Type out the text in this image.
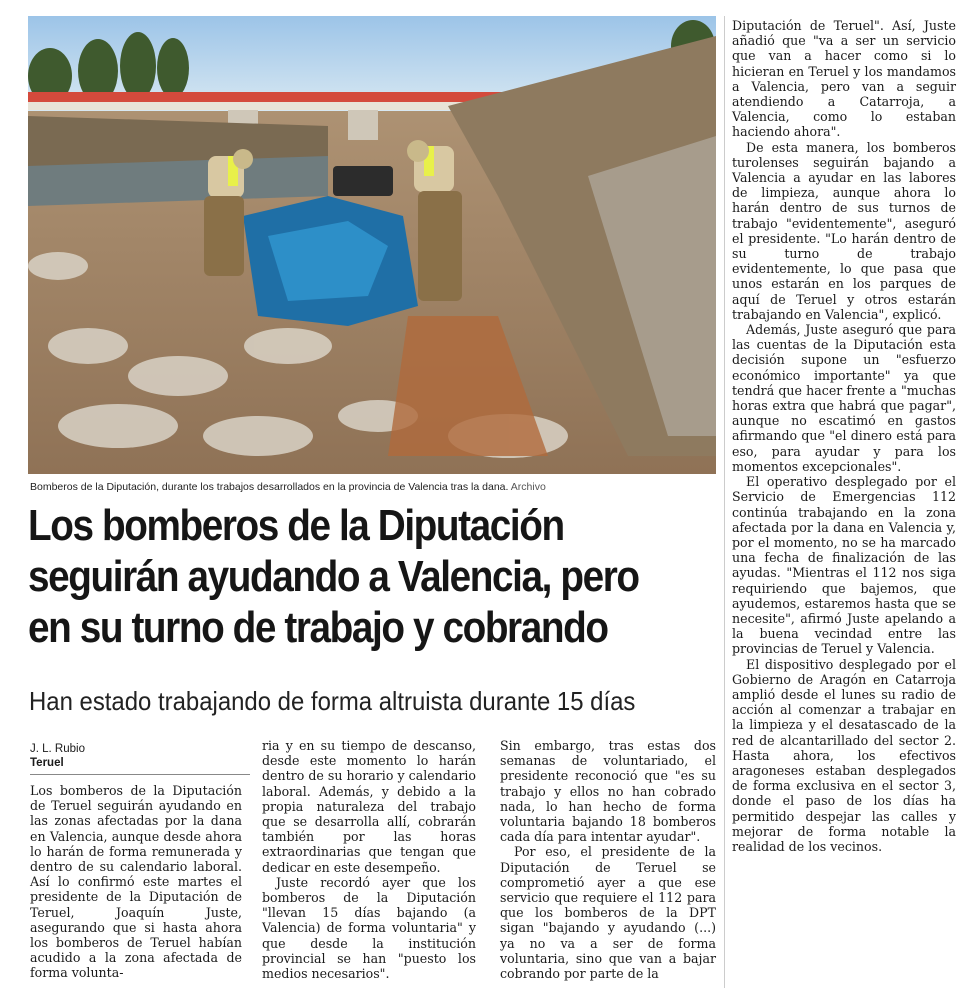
Bomberos de la Diputación, durante los trabajos desarrollados en la provincia de Valencia tras la dana. Archivo
Los bomberos de la Diputación seguirán ayudando a Valencia, pero en su turno de trabajo y cobrando
Han estado trabajando de forma altruista durante 15 días
J. L. Rubio
Teruel

Los bomberos de la Diputación de Teruel seguirán ayudando en las zonas afectadas por la dana en Valencia, aunque desde ahora lo harán de forma remunerada y dentro de su calendario laboral. Así lo confirmó este martes el presidente de la Diputación de Teruel, Joaquín Juste, asegurando que si hasta ahora los bomberos de Teruel habían acudido a la zona afectada de forma volunta-

ria y en su tiempo de descanso, desde este momento lo harán dentro de su horario y calendario laboral. Además, y debido a la propia naturaleza del trabajo que se desarrolla allí, cobrarán también por las horas extraordinarias que tengan que dedicar en este desempeño.

Juste recordó ayer que los bomberos de la Diputación "llevan 15 días bajando (a Valencia) de forma voluntaria" y que desde la institución provincial se han "puesto los medios necesarios".

Sin embargo, tras estas dos semanas de voluntariado, el presidente reconoció que "es su trabajo y ellos no han cobrado nada, lo han hecho de forma voluntaria bajando 18 bomberos cada día para intentar ayudar".

Por eso, el presidente de la Diputación de Teruel se comprometió ayer a que ese servicio que requiere el 112 para que los bomberos de la DPT sigan "bajando y ayudando (...) ya no va a ser de forma voluntaria, sino que van a bajar cobrando por parte de la

Diputación de Teruel". Así, Juste añadió que "va a ser un servicio que van a hacer como si lo hicieran en Teruel y los mandamos a Valencia, pero van a seguir atendiendo a Catarroja, a Valencia, como lo estaban haciendo ahora".

De esta manera, los bomberos turolenses seguirán bajando a Valencia a ayudar en las labores de limpieza, aunque ahora lo harán dentro de sus turnos de trabajo "evidentemente", aseguró el presidente. "Lo harán dentro de su turno de trabajo evidentemente, lo que pasa que unos estarán en los parques de aquí de Teruel y otros estarán trabajando en Valencia", explicó.

Además, Juste aseguró que para las cuentas de la Diputación esta decisión supone un "esfuerzo económico importante" ya que tendrá que hacer frente a "muchas horas extra que habrá que pagar", aunque no escatimó en gastos afirmando que "el dinero está para eso, para ayudar y para los momentos excepcionales".

El operativo desplegado por el Servicio de Emergencias 112 continúa trabajando en la zona afectada por la dana en Valencia y, por el momento, no se ha marcado una fecha de finalización de las ayudas. "Mientras el 112 nos siga requiriendo que bajemos, que ayudemos, estaremos hasta que se necesite", afirmó Juste apelando a la buena vecindad entre las provincias de Teruel y Valencia.

El dispositivo desplegado por el Gobierno de Aragón en Catarroja amplió desde el lunes su radio de acción al comenzar a trabajar en la limpieza y el desatascado de la red de alcantarillado del sector 2. Hasta ahora, los efectivos aragoneses estaban desplegados de forma exclusiva en el sector 3, donde el paso de los días ha permitido despejar las calles y mejorar de forma notable la realidad de los vecinos.
